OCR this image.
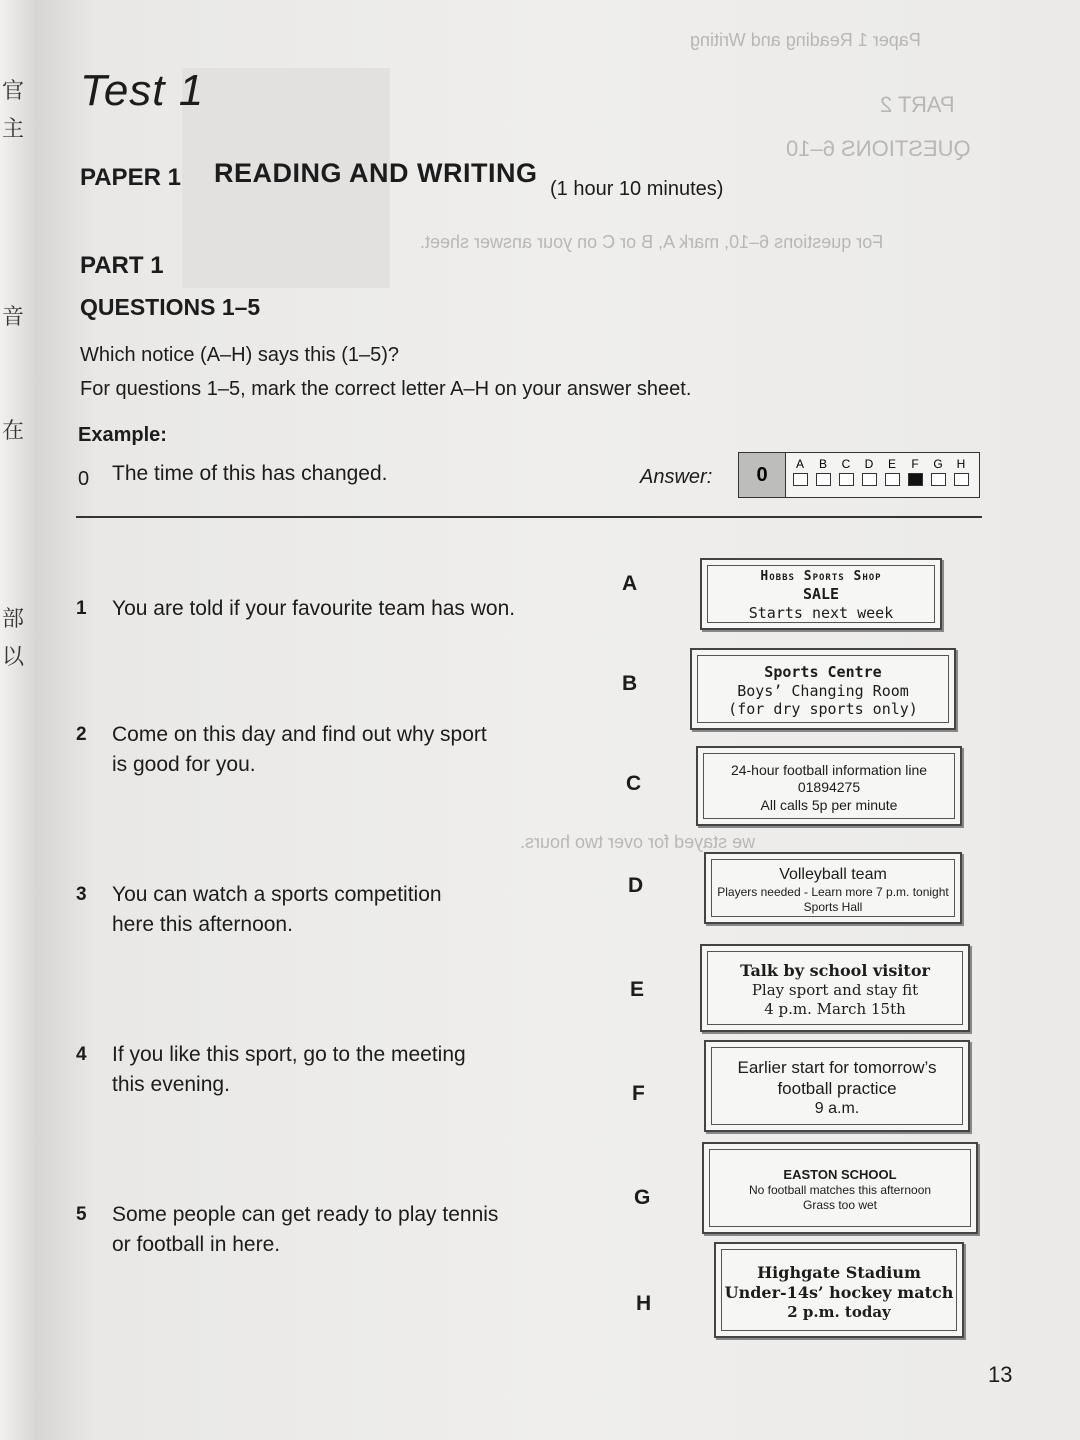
官
主
音
在
部
以
Paper 1 Reading and Writing
PART 2
QUESTIONS 6–10
For questions 6–10, mark A, B or C on your answer sheet.
we stayed for over two hours.
Test 1
PAPER 1 READING AND WRITING
(1 hour 10 minutes)
PART 1
QUESTIONS 1–5
Which notice (A–H) says this (1–5)?
For questions 1–5, mark the correct letter A–H on your answer sheet.
Example:
0 The time of this has changed.	Answer:	0	A	B	C	D	E	F	G	H
1 You are told if your favourite team has won.
2 Come on this day and find out why sport
is good for you.
3 You can watch a sports competition
here this afternoon.
4 If you like this sport, go to the meeting
this evening.
5 Some people can get ready to play tennis
or football in here.
A	Hobbs Sports Shop
SALE
Starts next week
B
Sports Centre
Boys’ Changing Room
(for dry sports only)
C
24-hour football information line
01894275
All calls 5p per minute
D	Volleyball team
Players needed - Learn more 7 p.m. tonight
Sports Hall
E
Talk by school visitor
Play sport and stay fit
4 p.m. March 15th
F
Earlier start for tomorrow’s
football practice
9 a.m.
G
EASTON SCHOOL
No football matches this afternoon
Grass too wet
H
Highgate Stadium
Under-14s’ hockey match
2 p.m. today
13
